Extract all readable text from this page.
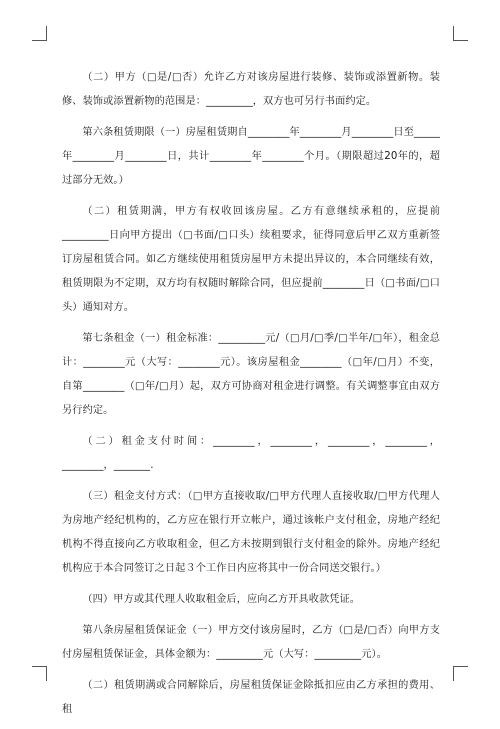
（二）甲方（□是/□否）允许乙方对该房屋进行装修、装饰或添置新物。装修、装饰或添置新物的范围是：_________，双方也可另行书面约定。

第六条租赁期限（一）房屋租赁期自________年________月________日至_____年________月________日，共计________年________个月。（期限超过20年的，超过部分无效。）

（二）租赁期满，甲方有权收回该房屋。乙方有意继续承租的，应提前_________日向甲方提出（□书面/□口头）续租要求，征得同意后甲乙双方重新签订房屋租赁合同。如乙方继续使用租赁房屋甲方未提出异议的，本合同继续有效，租赁期限为不定期，双方均有权随时解除合同，但应提前________日（□书面/□口头）通知对方。

第七条租金（一）租金标准：_________元/（□月/□季/□半年/□年），租金总计：________元（大写：________元）。该房屋租金________（□年/□月）不变，自第________（□年/□月）起，双方可协商对租金进行调整。有关调整事宜由双方另行约定。

（二）租金支付时间：________，________，________，________，________，_______.

（三）租金支付方式：（□甲方直接收取/□甲方代理人直接收取/□甲方代理人为房地产经纪机构的，乙方应在银行开立帐户，通过该帐户支付租金，房地产经纪机构不得直接向乙方收取租金，但乙方未按期到银行支付租金的除外。房地产经纪机构应于本合同签订之日起３个工作日内应将其中一份合同送交银行。）

（四）甲方或其代理人收取租金后，应向乙方开具收款凭证。

第八条房屋租赁保证金（一）甲方交付该房屋时，乙方（□是/□否）向甲方支付房屋租赁保证金，具体金额为：_________元（大写：_________元）。

（二）租赁期满或合同解除后，房屋租赁保证金除抵扣应由乙方承担的费用、租
